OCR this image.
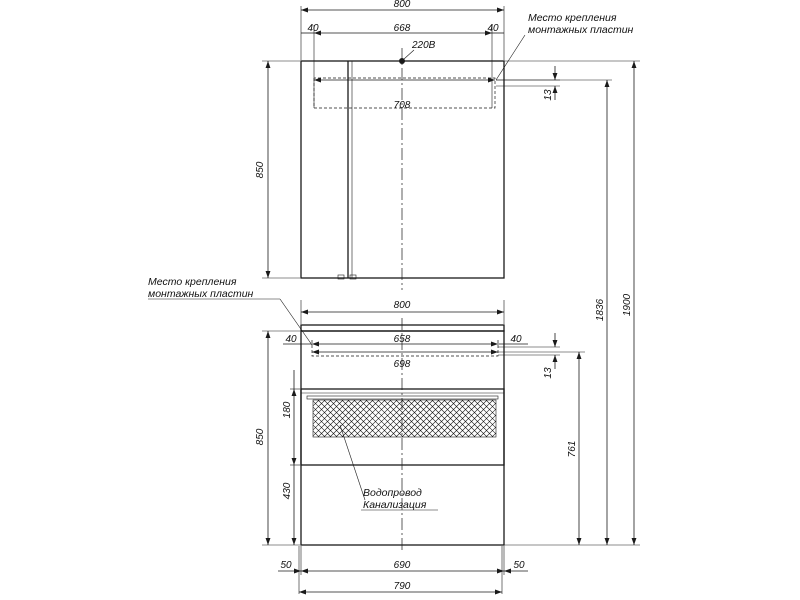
800
40	668	40
220В
708
Место крепления
монтажных пластин
850
13
Место крепления
монтажных пластин
800
40	658	40
698
13
850
180
430
761
1836 1900
Водопровод
Канализация
50	690	50
790
